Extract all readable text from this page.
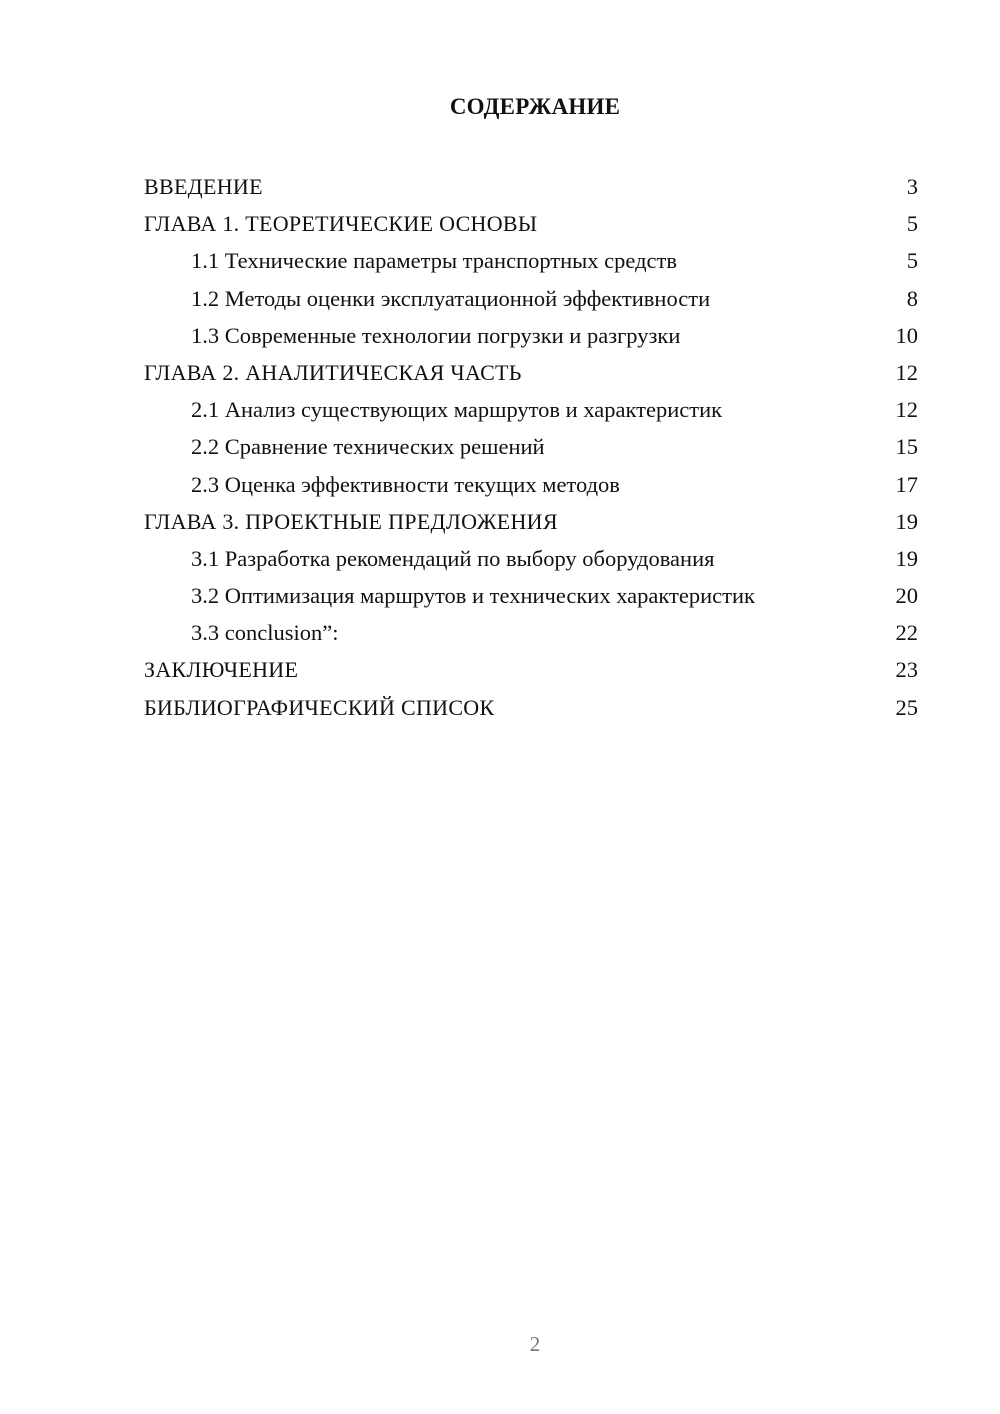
СОДЕРЖАНИЕ
ВВЕДЕНИЕ	3
ГЛАВА 1. ТЕОРЕТИЧЕСКИЕ ОСНОВЫ	5
1.1 Технические параметры транспортных средств	5
1.2 Методы оценки эксплуатационной эффективности	8
1.3 Современные технологии погрузки и разгрузки	10
ГЛАВА 2. АНАЛИТИЧЕСКАЯ ЧАСТЬ	12
2.1 Анализ существующих маршрутов и характеристик	12
2.2 Сравнение технических решений	15
2.3 Оценка эффективности текущих методов	17
ГЛАВА 3. ПРОЕКТНЫЕ ПРЕДЛОЖЕНИЯ	19
3.1 Разработка рекомендаций по выбору оборудования	19
3.2 Оптимизация маршрутов и технических характеристик	20
3.3 conclusion”:	22
ЗАКЛЮЧЕНИЕ	23
БИБЛИОГРАФИЧЕСКИЙ СПИСОК	25
2
